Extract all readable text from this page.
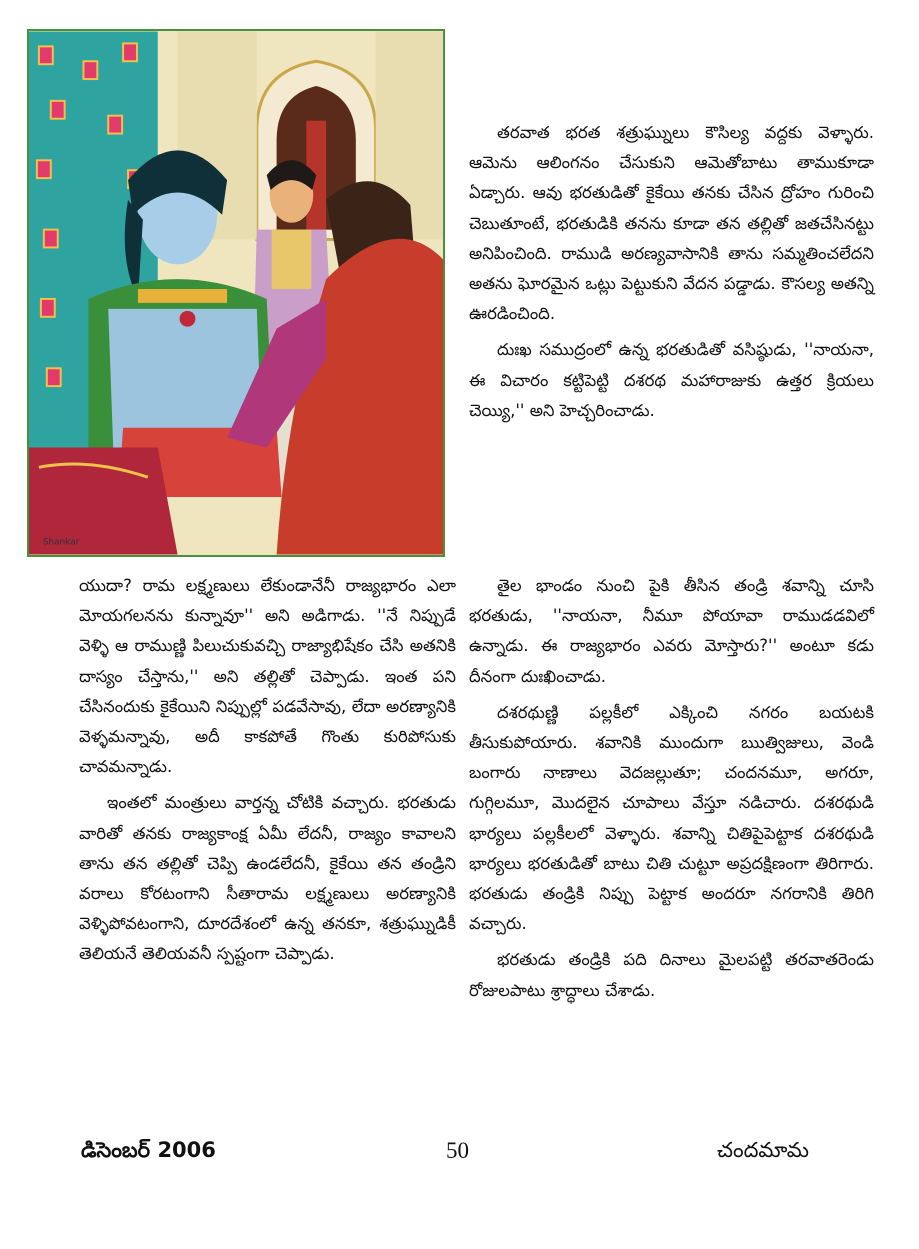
Shankar

తరవాత భరత శత్రుఘ్నులు కౌసిల్య వద్దకు వెళ్ళారు. ఆమెను ఆలింగనం చేసుకుని ఆమెతోబాటు తాముకూడా ఏడ్చారు. ఆవు భరతుడితో కైకేయి తనకు చేసిన ద్రోహం గురించి చెబుతూంటే, భరతుడికి తనను కూడా తన తల్లితో జతచేసినట్టు అనిపించింది. రాముడి అరణ్యవాసానికి తాను సమ్మతించలేదని అతను ఘోరమైన ఒట్లు పెట్టుకుని వేదన పడ్డాడు. కౌసల్య అతన్ని ఊరడించింది.

దుఃఖ సముద్రంలో ఉన్న భరతుడితో వసిష్ఠుడు, ''నాయనా, ఈ విచారం కట్టిపెట్టి దశరథ మహారాజుకు ఉత్తర క్రియలు చెయ్యి,'' అని హెచ్చరించాడు.

యుదా? రామ లక్ష్మణులు లేకుండానేనీ రాజ్యభారం ఎలా మోయగలనను కున్నావూ'' అని అడిగాడు. ''నే నిప్పుడే వెళ్ళి ఆ రాముణ్ణి పిలుచుకువచ్చి రాజ్యాభిషేకం చేసి అతనికి దాస్యం చేస్తాను,'' అని తల్లితో చెప్పాడు. ఇంత పని చేసినందుకు కైకేయిని నిప్పుల్లో పడవేసావు, లేదా అరణ్యానికి వెళ్ళమన్నావు, అదీ కాకపోతే గొంతు కురిపోసుకు చావమన్నాడు.

ఇంతలో మంత్రులు వార్తన్న చోటికి వచ్చారు. భరతుడు వారితో తనకు రాజ్యకాంక్ష ఏమీ లేదనీ, రాజ్యం కావాలని తాను తన తల్లితో చెప్పి ఉండలేదనీ, కైకేయి తన తండ్రిని వరాలు కోరటంగాని సీతారామ లక్ష్మణులు అరణ్యానికి వెళ్ళిపోవటంగాని, దూరదేశంలో ఉన్న తనకూ, శత్రుఘ్నుడికీ తెలియనే తెలియవనీ స్పష్టంగా చెప్పాడు.

తైల భాండం నుంచి పైకి తీసిన తండ్రి శవాన్ని చూసి భరతుడు, ''నాయనా, నీమూ పోయావా రాముడడవిలో ఉన్నాడు. ఈ రాజ్యభారం ఎవరు మోస్తారు?'' అంటూ కడు దీనంగా దుఃఖించాడు.

దశరథుణ్ణి పల్లకీలో ఎక్కించి నగరం బయటకి తీసుకుపోయారు. శవానికి ముందుగా ఋత్విజులు, వెండి బంగారు నాణాలు వెదజల్లుతూ; చందనమూ, అగరూ, గుగ్గిలమూ, మొదలైన చూపాలు వేస్తూ నడిచారు. దశరథుడి భార్యలు పల్లకీలలో వెళ్ళారు. శవాన్ని చితిపైపెట్టాక దశరథుడి భార్యలు భరతుడితో బాటు చితి చుట్టూ అప్రదక్షిణంగా తిరిగారు. భరతుడు తండ్రికి నిప్పు పెట్టాక అందరూ నగరానికి తిరిగి వచ్చారు.

భరతుడు తండ్రికి పది దినాలు మైలపట్టి తరవాతరెండు రోజులపాటు శ్రాద్ధాలు చేశాడు.

డిసెంబర్ 2006	50	చందమామ
